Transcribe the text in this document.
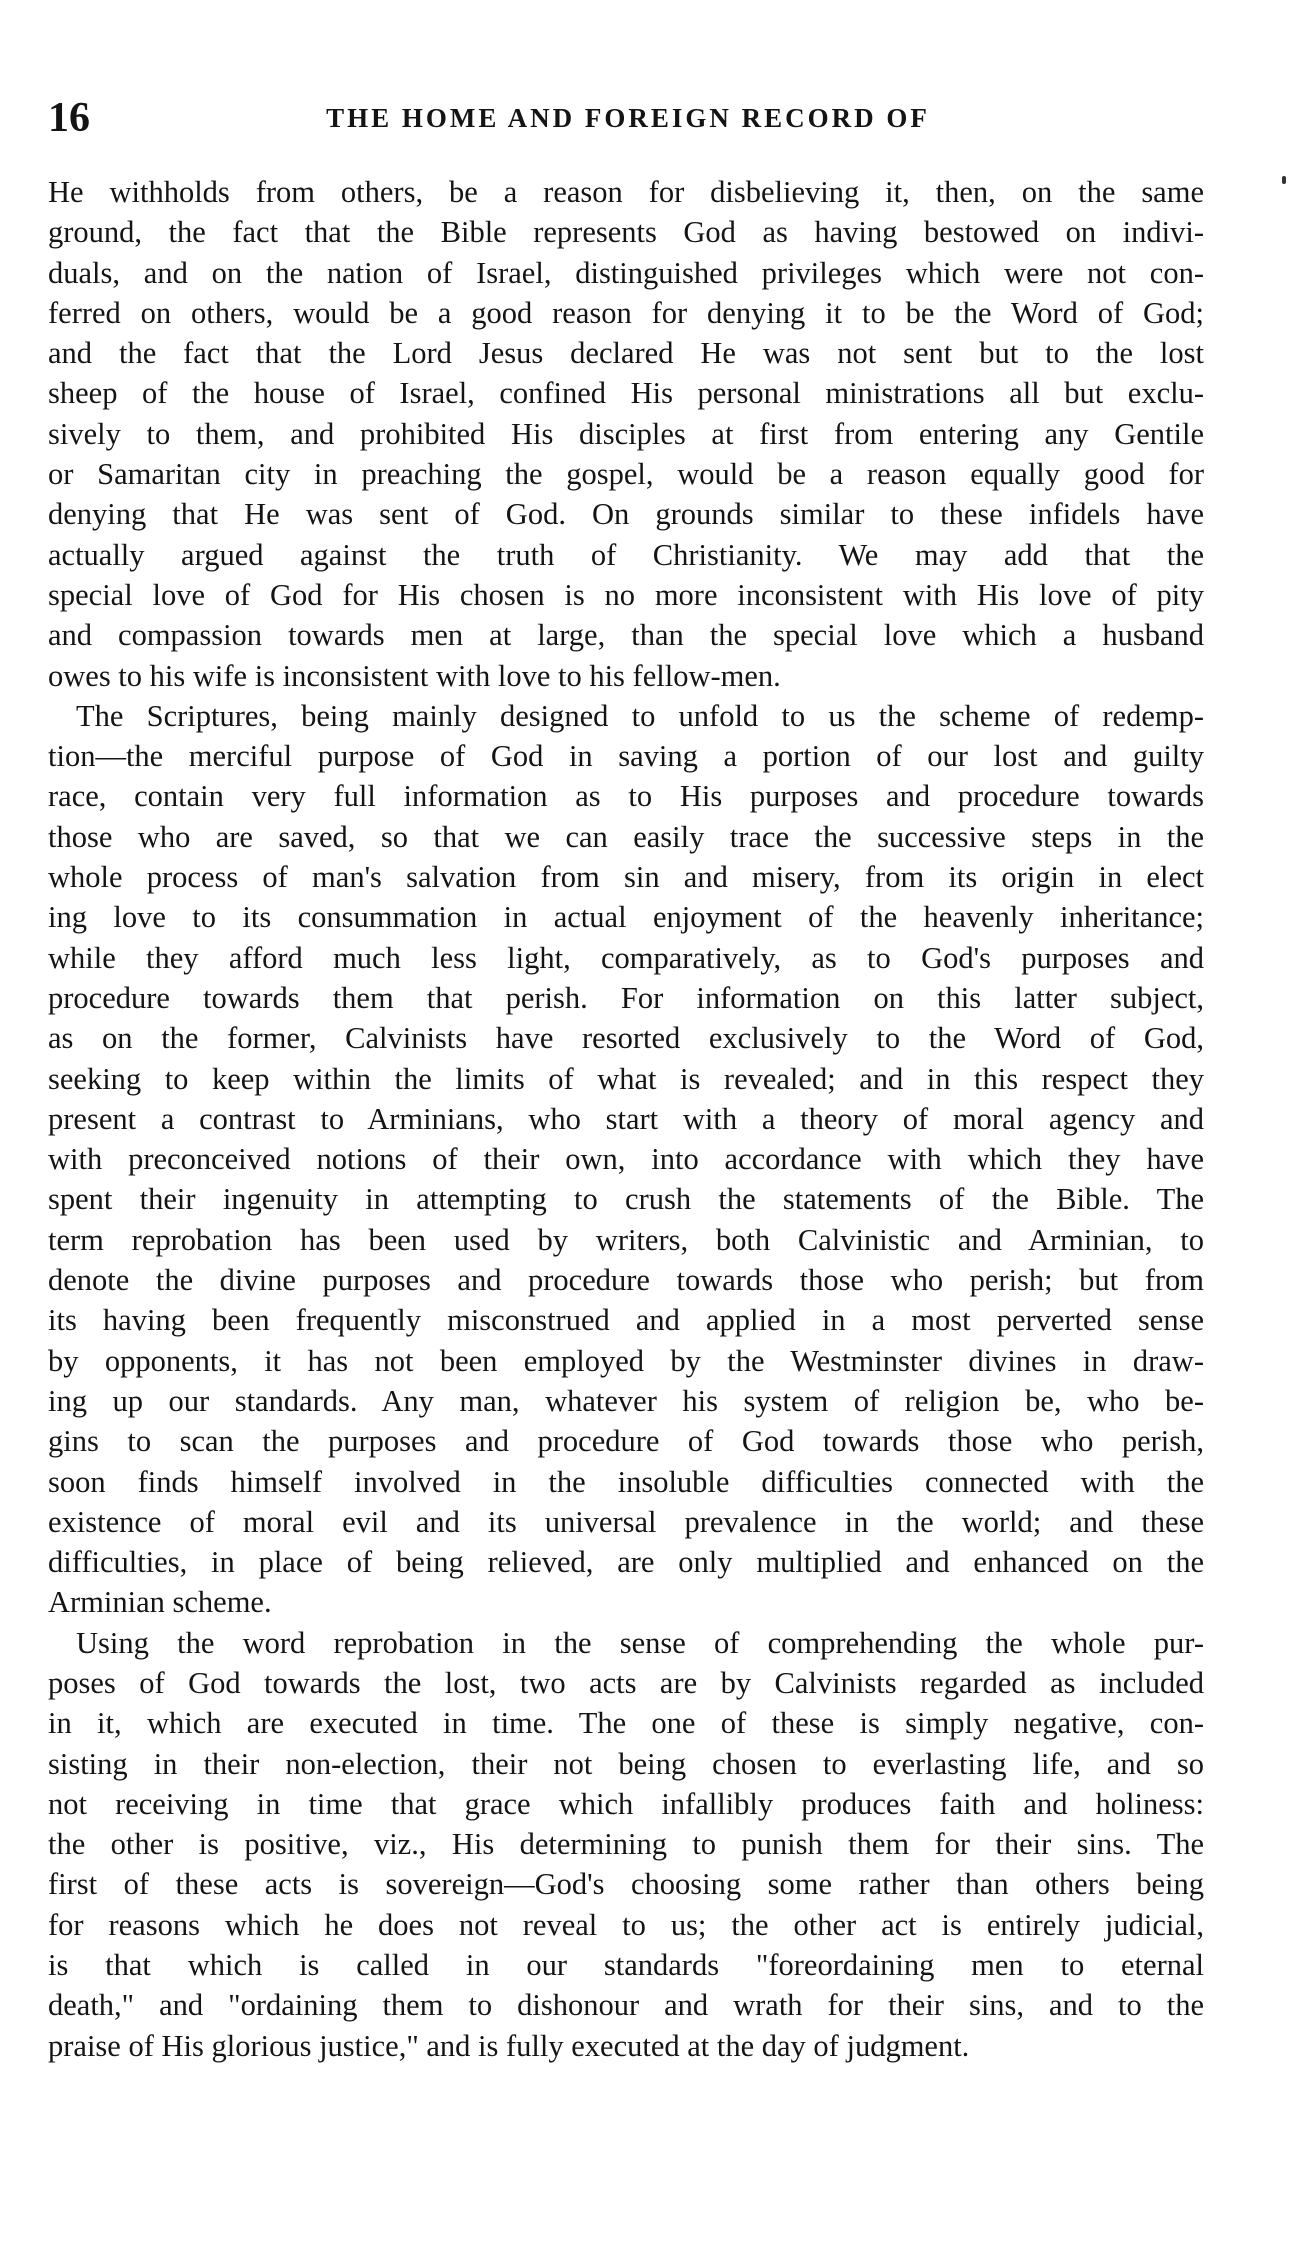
16	THE HOME AND FOREIGN RECORD OF
He withholds from others, be a reason for disbelieving it, then, on the same
ground, the fact that the Bible represents God as having bestowed on indivi-
duals, and on the nation of Israel, distinguished privileges which were not con-
ferred on others, would be a good reason for denying it to be the Word of God;
and the fact that the Lord Jesus declared He was not sent but to the lost
sheep of the house of Israel, confined His personal ministrations all but exclu-
sively to them, and prohibited His disciples at first from entering any Gentile
or Samaritan city in preaching the gospel, would be a reason equally good for
denying that He was sent of God. On grounds similar to these infidels have
actually argued against the truth of Christianity. We may add that the
special love of God for His chosen is no more inconsistent with His love of pity
and compassion towards men at large, than the special love which a husband
owes to his wife is inconsistent with love to his fellow-men.
The Scriptures, being mainly designed to unfold to us the scheme of redemp-
tion—the merciful purpose of God in saving a portion of our lost and guilty
race, contain very full information as to His purposes and procedure towards
those who are saved, so that we can easily trace the successive steps in the
whole process of man's salvation from sin and misery, from its origin in elect
ing love to its consummation in actual enjoyment of the heavenly inheritance;
while they afford much less light, comparatively, as to God's purposes and
procedure towards them that perish. For information on this latter subject,
as on the former, Calvinists have resorted exclusively to the Word of God,
seeking to keep within the limits of what is revealed; and in this respect they
present a contrast to Arminians, who start with a theory of moral agency and
with preconceived notions of their own, into accordance with which they have
spent their ingenuity in attempting to crush the statements of the Bible. The
term reprobation has been used by writers, both Calvinistic and Arminian, to
denote the divine purposes and procedure towards those who perish; but from
its having been frequently misconstrued and applied in a most perverted sense
by opponents, it has not been employed by the Westminster divines in draw-
ing up our standards. Any man, whatever his system of religion be, who be-
gins to scan the purposes and procedure of God towards those who perish,
soon finds himself involved in the insoluble difficulties connected with the
existence of moral evil and its universal prevalence in the world; and these
difficulties, in place of being relieved, are only multiplied and enhanced on the
Arminian scheme.
Using the word reprobation in the sense of comprehending the whole pur-
poses of God towards the lost, two acts are by Calvinists regarded as included
in it, which are executed in time. The one of these is simply negative, con-
sisting in their non-election, their not being chosen to everlasting life, and so
not receiving in time that grace which infallibly produces faith and holiness:
the other is positive, viz., His determining to punish them for their sins. The
first of these acts is sovereign—God's choosing some rather than others being
for reasons which he does not reveal to us; the other act is entirely judicial,
is that which is called in our standards "foreordaining men to eternal
death," and "ordaining them to dishonour and wrath for their sins, and to the
praise of His glorious justice," and is fully executed at the day of judgment.
